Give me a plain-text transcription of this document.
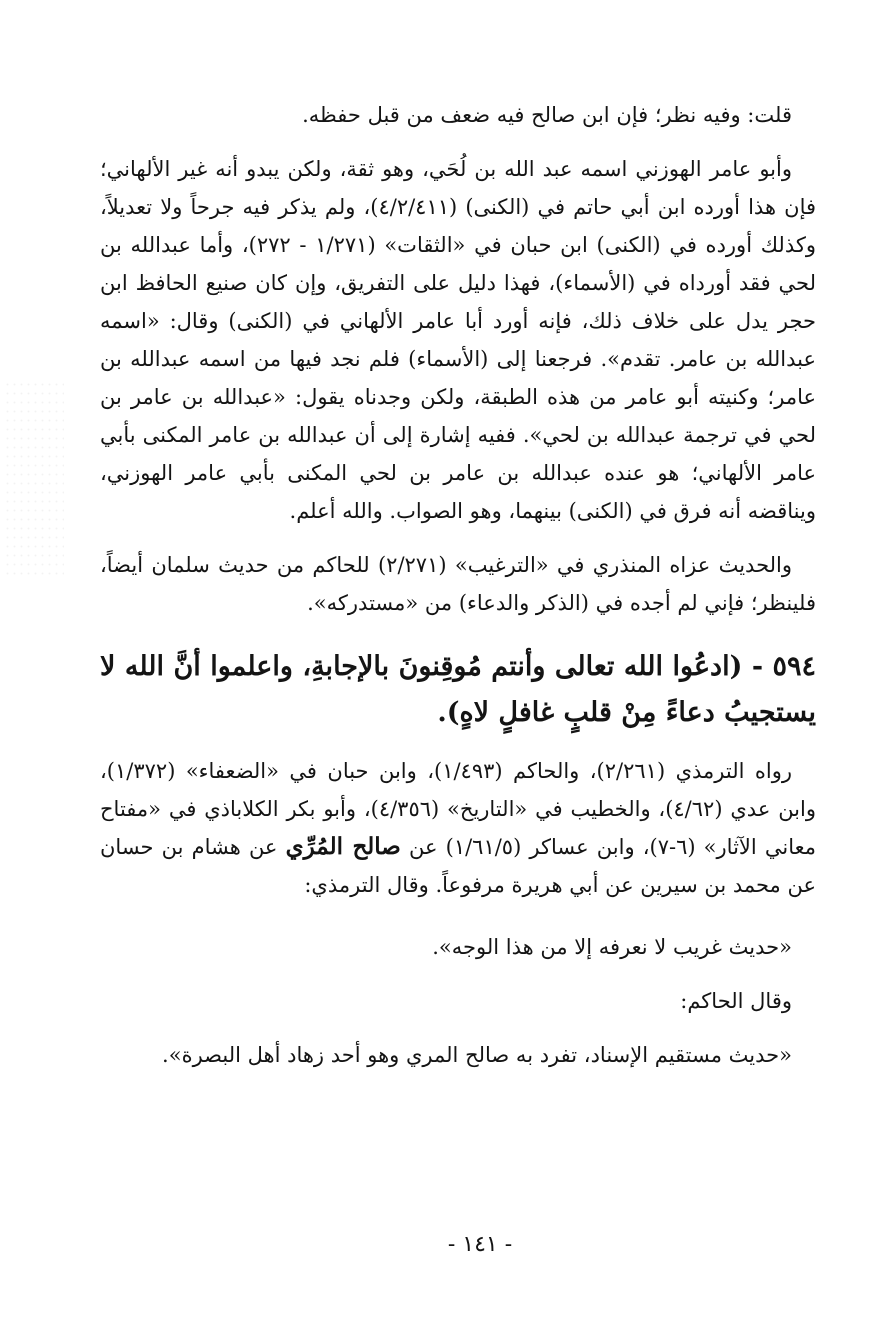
قلت: وفيه نظر؛ فإن ابن صالح فيه ضعف من قبل حفظه.

وأبو عامر الهوزني اسمه عبد الله بن لُحَي، وهو ثقة، ولكن يبدو أنه غير الألهاني؛ فإن هذا أورده ابن أبي حاتم في (الكنى) (٤/٢/٤١١)، ولم يذكر فيه جرحاً ولا تعديلاً، وكذلك أورده في (الكنى) ابن حبان في «الثقات» (١/٢٧١ - ٢٧٢)، وأما عبدالله بن لحي فقد أورداه في (الأسماء)، فهذا دليل على التفريق، وإن كان صنيع الحافظ ابن حجر يدل على خلاف ذلك، فإنه أورد أبا عامر الألهاني في (الكنى) وقال: «اسمه عبدالله بن عامر. تقدم». فرجعنا إلى (الأسماء) فلم نجد فيها من اسمه عبدالله بن عامر؛ وكنيته أبو عامر من هذه الطبقة، ولكن وجدناه يقول: «عبدالله بن عامر بن لحي في ترجمة عبدالله بن لحي». ففيه إشارة إلى أن عبدالله بن عامر المكنى بأبي عامر الألهاني؛ هو عنده عبدالله بن عامر بن لحي المكنى بأبي عامر الهوزني، ويناقضه أنه فرق في (الكنى) بينهما، وهو الصواب. والله أعلم.

والحديث عزاه المنذري في «الترغيب» (٢/٢٧١) للحاكم من حديث سلمان أيضاً، فلينظر؛ فإني لم أجده في (الذكر والدعاء) من «مستدركه».

٥٩٤ - (ادعُوا الله تعالى وأنتم مُوقِنونَ بالإجابةِ، واعلموا أنَّ الله لا يستجيبُ دعاءً مِنْ قلبٍ غافلٍ لاهٍ).

رواه الترمذي (٢/٢٦١)، والحاكم (١/٤٩٣)، وابن حبان في «الضعفاء» (١/٣٧٢)، وابن عدي (٤/٦٢)، والخطيب في «التاريخ» (٤/٣٥٦)، وأبو بكر الكلاباذي في «مفتاح معاني الآثار» (٦-٧)، وابن عساكر (١/٦١/٥) عن صالح المُرِّي عن هشام بن حسان عن محمد بن سيرين عن أبي هريرة مرفوعاً. وقال الترمذي:

«حديث غريب لا نعرفه إلا من هذا الوجه».

وقال الحاكم:

«حديث مستقيم الإسناد، تفرد به صالح المري وهو أحد زهاد أهل البصرة».

- ١٤١ -
